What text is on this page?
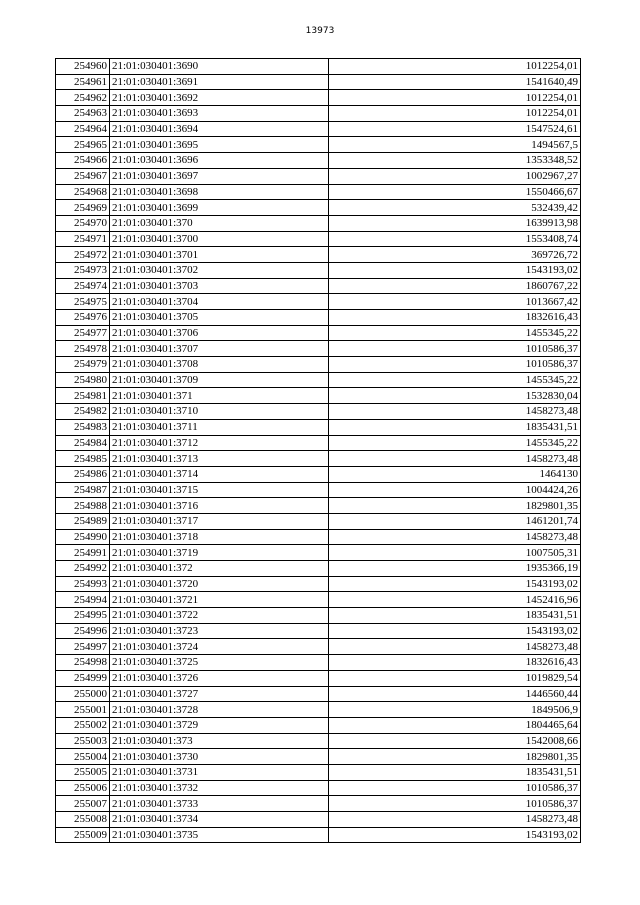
13973
254960	21:01:030401:3690	1012254,01
254961	21:01:030401:3691	1541640,49
254962	21:01:030401:3692	1012254,01
254963	21:01:030401:3693	1012254,01
254964	21:01:030401:3694	1547524,61
254965	21:01:030401:3695	1494567,5
254966	21:01:030401:3696	1353348,52
254967	21:01:030401:3697	1002967,27
254968	21:01:030401:3698	1550466,67
254969	21:01:030401:3699	532439,42
254970	21:01:030401:370	1639913,98
254971	21:01:030401:3700	1553408,74
254972	21:01:030401:3701	369726,72
254973	21:01:030401:3702	1543193,02
254974	21:01:030401:3703	1860767,22
254975	21:01:030401:3704	1013667,42
254976	21:01:030401:3705	1832616,43
254977	21:01:030401:3706	1455345,22
254978	21:01:030401:3707	1010586,37
254979	21:01:030401:3708	1010586,37
254980	21:01:030401:3709	1455345,22
254981	21:01:030401:371	1532830,04
254982	21:01:030401:3710	1458273,48
254983	21:01:030401:3711	1835431,51
254984	21:01:030401:3712	1455345,22
254985	21:01:030401:3713	1458273,48
254986	21:01:030401:3714	1464130
254987	21:01:030401:3715	1004424,26
254988	21:01:030401:3716	1829801,35
254989	21:01:030401:3717	1461201,74
254990	21:01:030401:3718	1458273,48
254991	21:01:030401:3719	1007505,31
254992	21:01:030401:372	1935366,19
254993	21:01:030401:3720	1543193,02
254994	21:01:030401:3721	1452416,96
254995	21:01:030401:3722	1835431,51
254996	21:01:030401:3723	1543193,02
254997	21:01:030401:3724	1458273,48
254998	21:01:030401:3725	1832616,43
254999	21:01:030401:3726	1019829,54
255000	21:01:030401:3727	1446560,44
255001	21:01:030401:3728	1849506,9
255002	21:01:030401:3729	1804465,64
255003	21:01:030401:373	1542008,66
255004	21:01:030401:3730	1829801,35
255005	21:01:030401:3731	1835431,51
255006	21:01:030401:3732	1010586,37
255007	21:01:030401:3733	1010586,37
255008	21:01:030401:3734	1458273,48
255009	21:01:030401:3735	1543193,02
